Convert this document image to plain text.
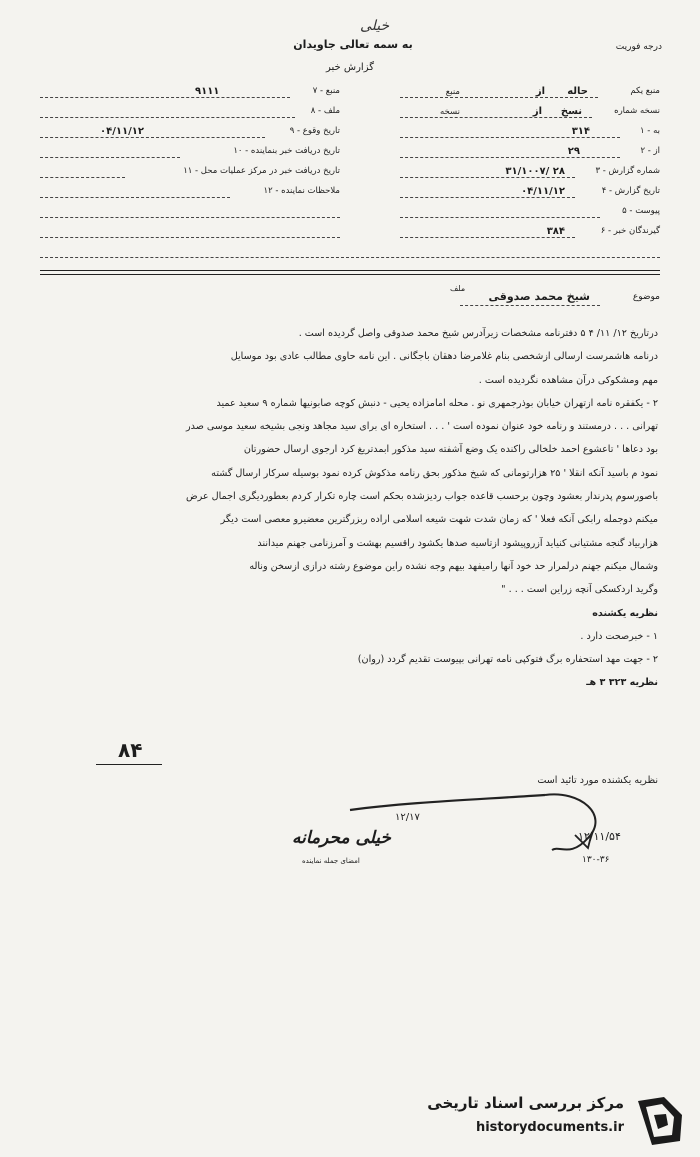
خیلی
به سمه تعالی جاویدان
گزارش خبر
درجه فوریت
منبع یکم
از حاله
منبع
نسخه شماره
از نسخ
نسخه
۱ - به
۳۱۴
۲ - از
۲۹
۳ - شماره گزارش
۳۱/۱۰۰۷/ ۲۸
۴ - تاریخ گزارش
۰۴/۱۱/۱۲
۵ - پیوست
۶ - گیرندگان خبر
۳۸۴
۷ - منبع
۹۱۱۱
۸ - ملف
۹ - تاریخ وقوع
۰۴/۱۱/۱۲
۱۰ - تاریخ دریافت خبر بنماینده
۱۱ - تاریخ دریافت خبر در مرکز عملیات محل
۱۲ - ملاحظات نماینده
موضوع
شیخ محمد صدوقی
ملف

درتاریخ ۱۲/ ۱۱/ ۴ ۵ دفترنامه مشخصات زیرآدرس شیخ محمد صدوقی واصل گردیده است .

درنامه هاشمرست ارسالی ازشخصی بنام غلامرضا دهقان باجگانی . این نامه حاوی مطالب عادی بود موسایل

مهم ومشکوکی درآن مشاهده نگردیده است .

۲ - یکفقره نامه ازتهران خیابان بوذرجمهری نو . محله امامزاده یحیی - دنبش کوچه صابونیها شماره ۹ سعید عمید

تهرانی . . . درمستند و رنامه خود عنوان نموده است ' . . . استخاره ای برای سید مجاهد ونجی بشیخه سعید موسی صدر

بود دعاها ' تاعشوع احمد خلخالی راکنده یک وضع آشفته سید مذکور ابمدتریغ کرد ارجوی ارسال حضورتان

نمود م باسید آنکه انقلا ' ۲۵ هزارتومانی که شیخ مذکور بحق رنامه مذکوش کرده نمود بوسیله سرکار ارسال گشته

باصورسوم پدرندار بعشود وچون برحسب قاعده جواب ردیزشده بحکم است چاره تکرار کردم بعطوردیگری اجمال عرض

میکنم دوجمله رابکی آنکه فعلا ' که زمان شدت شهت شیعه اسلامی اراده ربزرگترین معضیرو معصی است دیگر

هزاربیاد گنجه مشتیانی کنیاید آزروپیشود ازتاسیه صدها یکشود راقسیم بهشت و آمرزنامی جهنم میدانند

وشمال میکنم جهنم درلمرار حد خود آنها رامیفهد بیهم وجه نشده راین موضوع رشته درازی ازسخن وناله

وگرید اردکسکی آنچه زراین است . . . "

نظریه یکشنده

۱ - خبرصحت دارد .

۲ - جهت مهد استحفاره برگ فتوکپی نامه تهرانی بپیوست تقدیم گردد (روان)

نظریه ۳۲۳ ۳ هـ

۸۴
نظریه یکشنده مورد تائید است
۱۲/۱۷
خیلی محرمانه
امضای جمله نماینده
۱۲/۱۱/۵۴
۱۳۰-۳۶
مرکز بررسی اسناد تاریخی
historydocuments.ir
